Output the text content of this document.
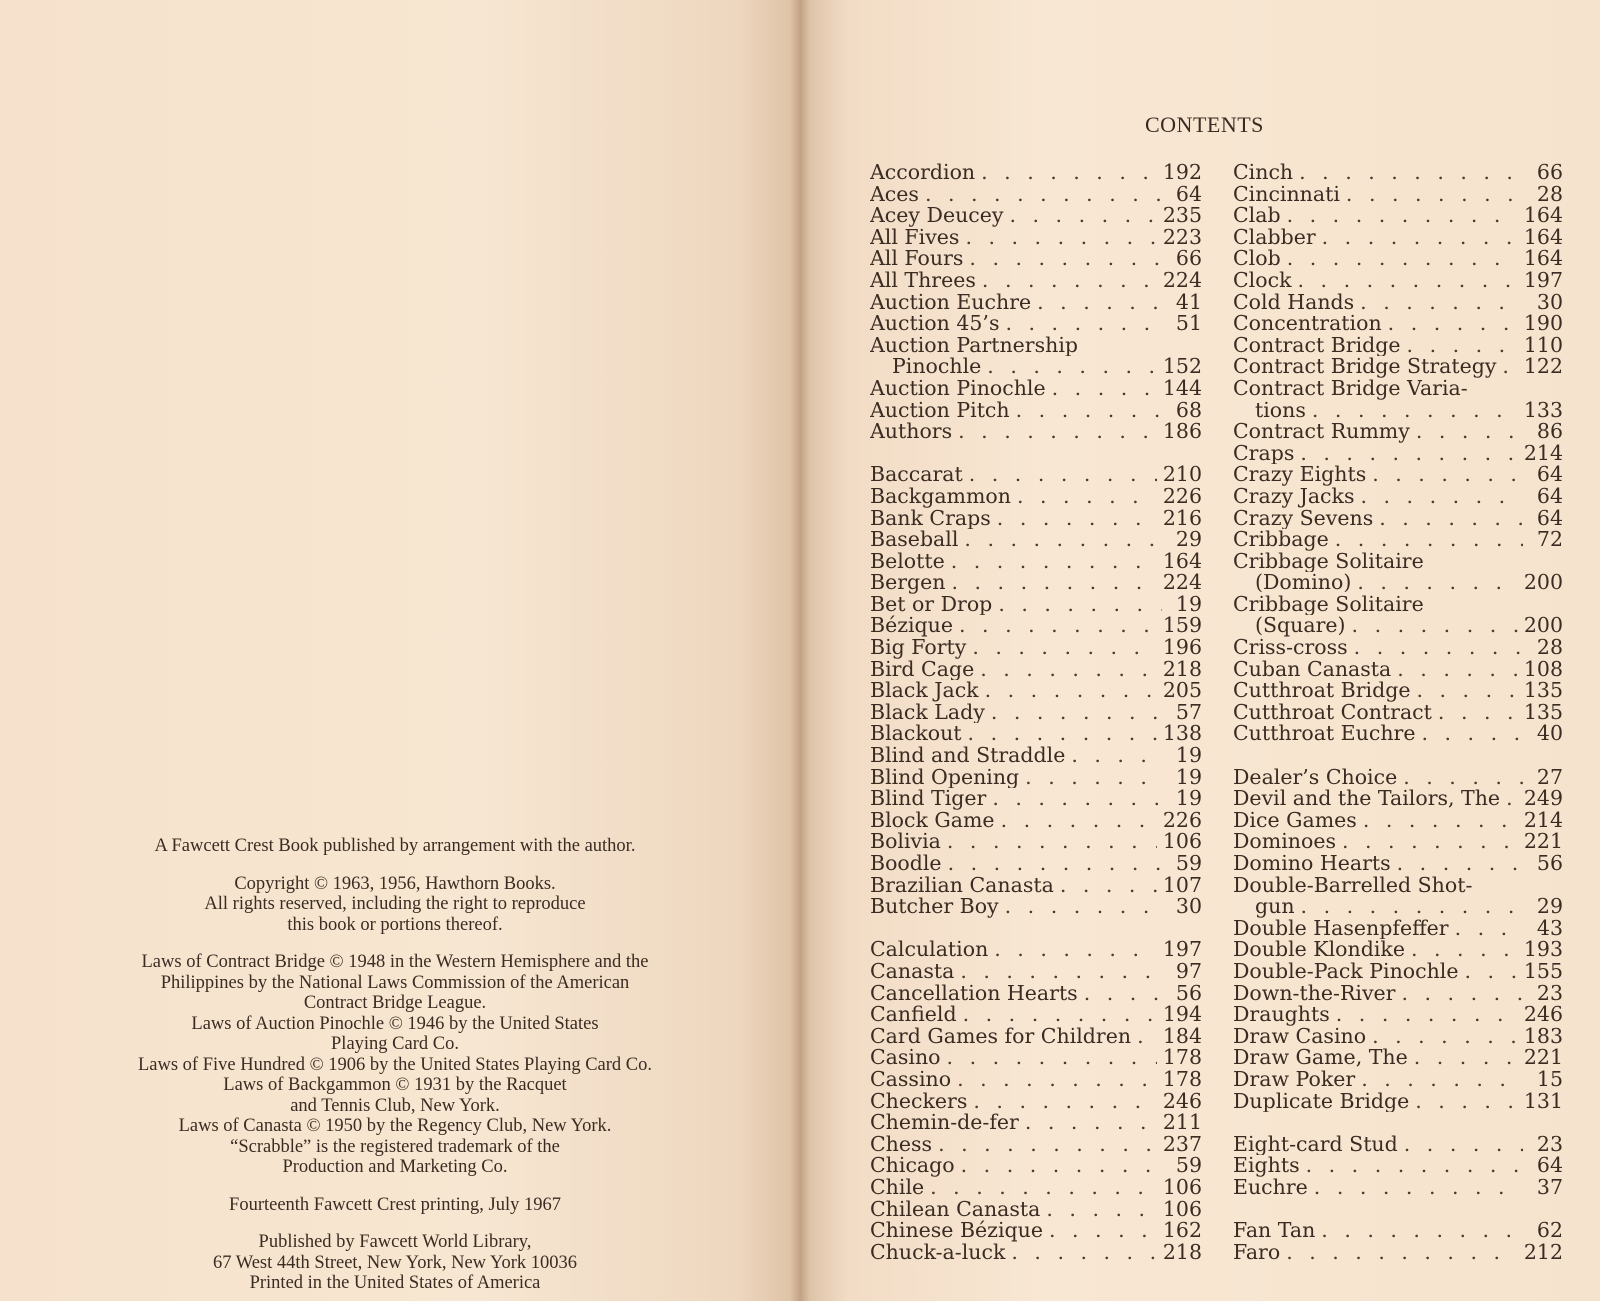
A Fawcett Crest Book published by arrangement with the author.

Copyright © 1963, 1956, Hawthorn Books.

All rights reserved, including the right to reproduce

this book or portions thereof.

Laws of Contract Bridge © 1948 in the Western Hemisphere and the

Philippines by the National Laws Commission of the American

Contract Bridge League.

Laws of Auction Pinochle © 1946 by the United States

Playing Card Co.

Laws of Five Hundred © 1906 by the United States Playing Card Co.

Laws of Backgammon © 1931 by the Racquet

and Tennis Club, New York.

Laws of Canasta © 1950 by the Regency Club, New York.

“Scrabble” is the registered trademark of the

Production and Marketing Co.

Fourteenth Fawcett Crest printing, July 1967

Published by Fawcett World Library,

67 West 44th Street, New York, New York 10036

Printed in the United States of America

CONTENTS
Accordion . . .	192
Aces . . .	64
Acey Deucey . . .	235
All Fives . . .	223
All Fours . . .	66
All Threes . . .	224
Auction Euchre . . .	41
Auction 45’s . . .	51
Auction Partnership
Pinochle . . .	152
Auction Pinochle . . .	144
Auction Pitch . . .	68
Authors . . .	186
Baccarat . . .	210
Backgammon . . .	226
Bank Craps . . .	216
Baseball . . .	29
Belotte . . .	164
Bergen . . .	224
Bet or Drop . . .	19
Bézique . . .	159
Big Forty . . .	196
Bird Cage . . .	218
Black Jack . . .	205
Black Lady . . .	57
Blackout . . .	138
Blind and Straddle . . .	19
Blind Opening . . .	19
Blind Tiger . . .	19
Block Game . . .	226
Bolivia . . .	106
Boodle . . .	59
Brazilian Canasta . . .	107
Butcher Boy . . .	30
Calculation . . .	197
Canasta . . .	97
Cancellation Hearts . . .	56
Canfield . . .	194
Card Games for Children . . . 184
Casino . . .	178
Cassino . . .	178
Checkers . . .	246
Chemin-de-fer . . .	211
Chess . . .	237
Chicago . . .	59
Chile . . .	106
Chilean Canasta . . .	106
Chinese Bézique . . .	162
Chuck-a-luck . . .	218
Cinch . . .	66
Cincinnati . . .	28
Clab . . .	164
Clabber . . .	164
Clob . . .	164
Clock . . .	197
Cold Hands . . .	30
Concentration . . .	190
Contract Bridge . . .	110
Contract Bridge Strategy . . . 122
Contract Bridge Varia-
tions . . .	133
Contract Rummy . . .	86
Craps . . .	214
Crazy Eights . . .	64
Crazy Jacks . . .	64
Crazy Sevens . . .	64
Cribbage . . .	72
Cribbage Solitaire
(Domino) . . .	200
Cribbage Solitaire
(Square) . . .	200
Criss-cross . . .	28
Cuban Canasta . . .	108
Cutthroat Bridge . . .	135
Cutthroat Contract . . .	135
Cutthroat Euchre . . .	40
Dealer’s Choice . . .	27
Devil and the Tailors, The . . . 249
Dice Games . . .	214
Dominoes . . .	221
Domino Hearts . . .	56
Double-Barrelled Shot-
gun . . .	29
Double Hasenpfeffer . . .	43
Double Klondike . . .	193
Double-Pack Pinochle . . .	155
Down-the-River . . .	23
Draughts . . .	246
Draw Casino . . .	183
Draw Game, The . . .	221
Draw Poker . . .	15
Duplicate Bridge . . .	131
Eight-card Stud . . .	23
Eights . . .	64
Euchre . . .	37
Fan Tan . . .	62
Faro . . .	212
